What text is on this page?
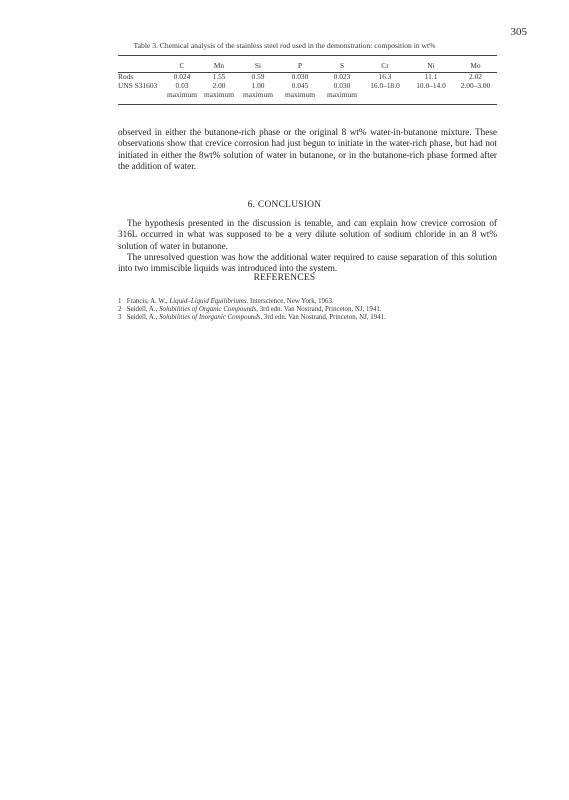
305
Table 3. Chemical analysis of the stainless steel rod used in the demonstration: composition in wt%
	C	Mn	Si	P	S	Cr	Ni	Mo
Rods	0.024	1.55	0.59	0.030	0.023	16.3	11.1	2.02
UNS S31603	0.03	2.00	1.00	0.045	0.030	16.0–18.0	10.0–14.0	2.00–3.00
	maximum	maximum	maximum	maximum	maximum			

observed in either the butanone-rich phase or the original 8 wt% water-in-butanone mixture. These observations show that crevice corrosion had just begun to initiate in the water-rich phase, but had not initiated in either the 8wt% solution of water in butanone, or in the butanone-rich phase formed after the addition of water.

6. CONCLUSION

The hypothesis presented in the discussion is tenable, and can explain how crevice corrosion of 316L occurred in what was supposed to be a very dilute solution of sodium chloride in an 8 wt% solution of water in butanone.

The unresolved question was how the additional water required to cause separation of this solution into two immiscible liquids was introduced into the system.

REFERENCES
1 Francis, A. W., Liquid–Liquid Equilibriums. Interscience, New York, 1963.
2 Seidell, A., Solubilities of Organic Compounds, 3rd edn. Van Nostrand, Princeton, NJ, 1941.
3 Seidell, A., Solubilities of Inorganic Compounds, 3rd edn. Van Nostrand, Princeton, NJ, 1941.
